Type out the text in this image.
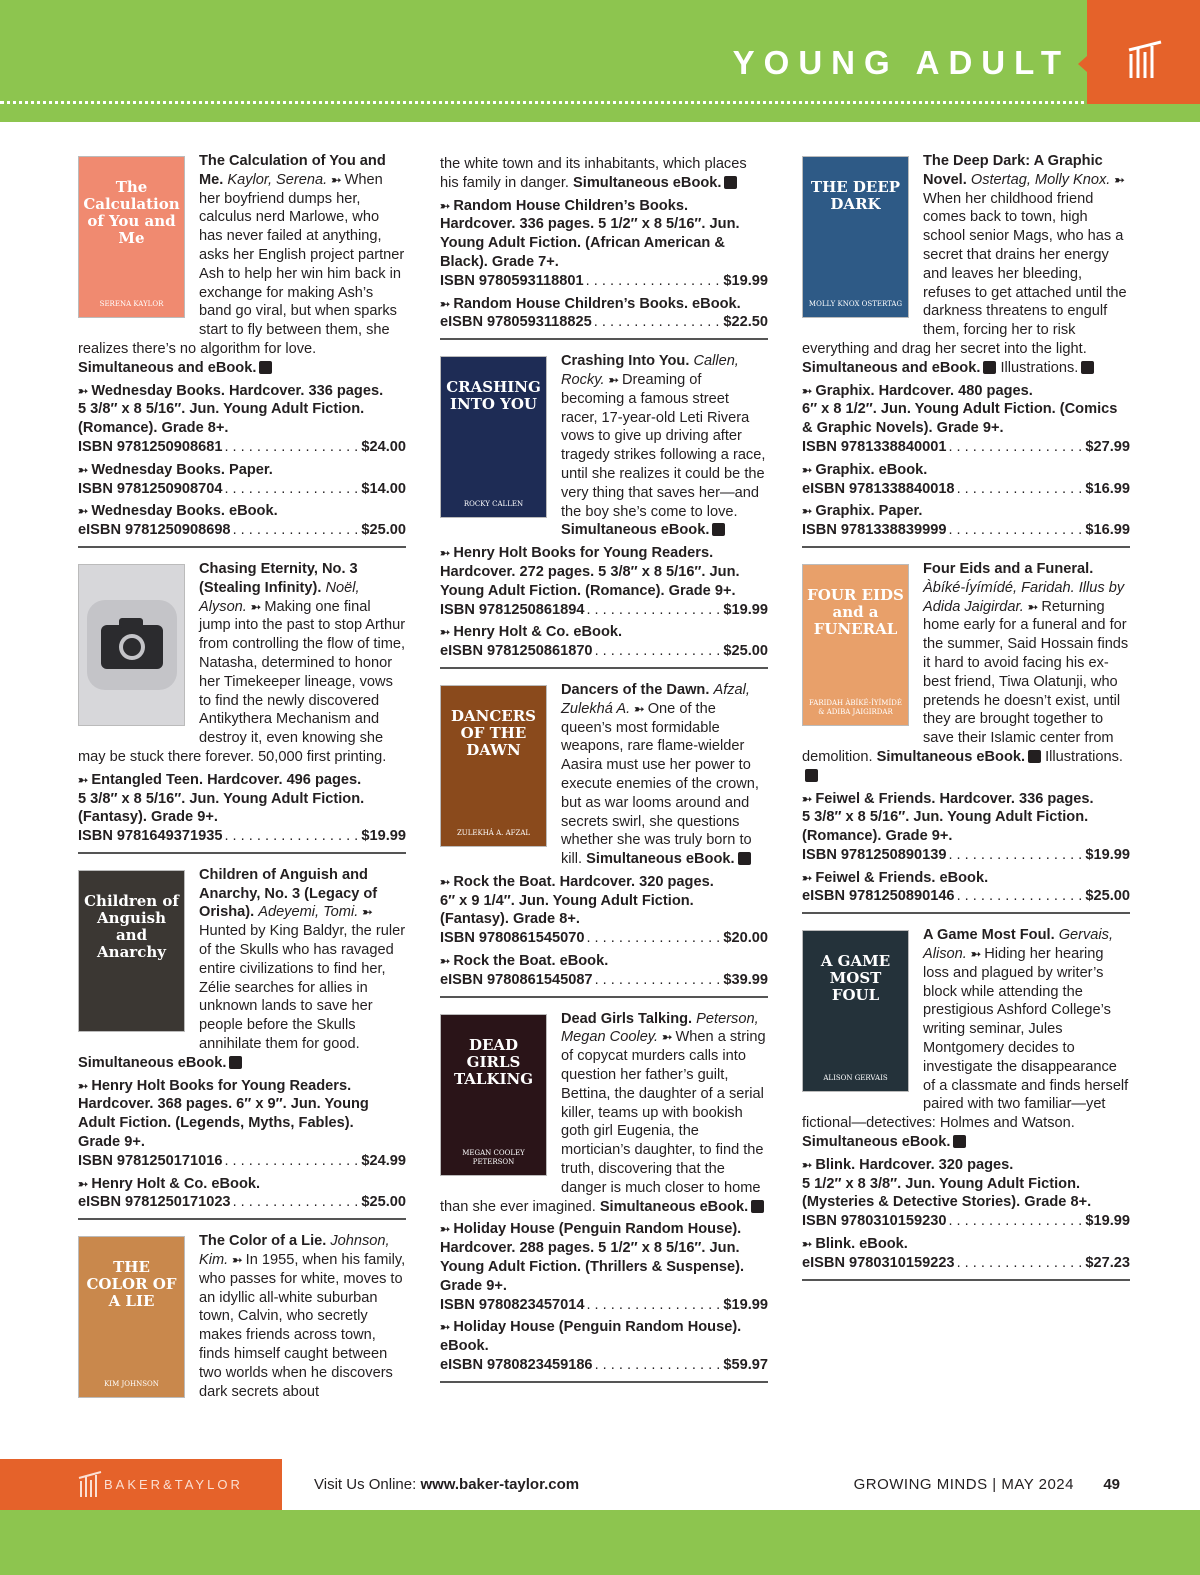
YOUNG ADULT
The Calculation of You and Me
SERENA KAYLOR
The Calculation of You and Me. Kaylor, Serena. ➳ When her boyfriend dumps her, calculus nerd Marlowe, who has never failed at anything, asks her English project partner Ash to help her win him back in exchange for making Ash’s band go viral, but when sparks start to fly between them, she realizes there’s no algorithm for love. Simultaneous and eBook.
➳ Wednesday Books. Hardcover. 336 pages.
5 3/8″ x 8 5/16″. Jun. Young Adult Fiction.
(Romance). Grade 8+.
ISBN 9781250908681 . . .	$24.00
➳ Wednesday Books. Paper.
ISBN 9781250908704 . . .	$14.00
➳ Wednesday Books. eBook.
eISBN 9781250908698 . . .	$25.00
Chasing Eternity, No. 3 (Stealing Infinity). Noël, Alyson. ➳ Making one final jump into the past to stop Arthur from controlling the flow of time, Natasha, determined to honor her Timekeeper lineage, vows to find the newly discovered Antikythera Mechanism and destroy it, even knowing she may be stuck there forever. 50,000 first printing.
➳ Entangled Teen. Hardcover. 496 pages.
5 3/8″ x 8 5/16″. Jun. Young Adult Fiction.
(Fantasy). Grade 9+.
ISBN 9781649371935 . . .	$19.99
Children of Anguish and Anarchy
Children of Anguish and Anarchy, No. 3 (Legacy of Orisha). Adeyemi, Tomi. ➳ Hunted by King Baldyr, the ruler of the Skulls who has ravaged entire civilizations to find her, Zélie searches for allies in unknown lands to save her people before the Skulls annihilate them for good. Simultaneous eBook.
➳ Henry Holt Books for Young Readers.
Hardcover. 368 pages. 6″ x 9″. Jun. Young
Adult Fiction. (Legends, Myths, Fables).
Grade 9+.
ISBN 9781250171016 . . .	$24.99
➳ Henry Holt & Co. eBook.
eISBN 9781250171023 . . .	$25.00
THE COLOR OF A LIE
KIM JOHNSON
The Color of a Lie. Johnson, Kim. ➳ In 1955, when his family, who passes for white, moves to an idyllic all-white suburban town, Calvin, who secretly makes friends across town, finds himself caught between two worlds when he discovers dark secrets about
the white town and its inhabitants, which places his family in danger. Simultaneous eBook.
➳ Random House Children’s Books.
Hardcover. 336 pages. 5 1/2″ x 8 5/16″. Jun.
Young Adult Fiction. (African American &
Black). Grade 7+.
ISBN 9780593118801 . . .	$19.99
➳ Random House Children’s Books. eBook.
eISBN 9780593118825 . . .	$22.50
CRASHING INTO YOU
ROCKY CALLEN
Crashing Into You. Callen, Rocky. ➳ Dreaming of becoming a famous street racer, 17-year-old Leti Rivera vows to give up driving after tragedy strikes following a race, until she realizes it could be the very thing that saves her—and the boy she’s come to love. Simultaneous eBook.
➳ Henry Holt Books for Young Readers.
Hardcover. 272 pages. 5 3/8″ x 8 5/16″. Jun.
Young Adult Fiction. (Romance). Grade 9+.
ISBN 9781250861894 . . .	$19.99
➳ Henry Holt & Co. eBook.
eISBN 9781250861870 . . .	$25.00
DANCERS OF THE DAWN
ZULEKHÁ A. AFZAL
Dancers of the Dawn. Afzal, Zulekhá A. ➳ One of the queen’s most formidable weapons, rare flame-wielder Aasira must use her power to execute enemies of the crown, but as war looms around and secrets swirl, she questions whether she was truly born to kill. Simultaneous eBook.
➳ Rock the Boat. Hardcover. 320 pages.
6″ x 9 1/4″. Jun. Young Adult Fiction.
(Fantasy). Grade 8+.
ISBN 9780861545070 . . .	$20.00
➳ Rock the Boat. eBook.
eISBN 9780861545087 . . .	$39.99
DEAD GIRLS TALKING
MEGAN COOLEY PETERSON
Dead Girls Talking. Peterson, Megan Cooley. ➳ When a string of copycat murders calls into question her father’s guilt, Bettina, the daughter of a serial killer, teams up with bookish goth girl Eugenia, the mortician’s daughter, to find the truth, discovering that the danger is much closer to home than she ever imagined. Simultaneous eBook.
➳ Holiday House (Penguin Random House).
Hardcover. 288 pages. 5 1/2″ x 8 5/16″. Jun.
Young Adult Fiction. (Thrillers & Suspense).
Grade 9+.
ISBN 9780823457014 . . .	$19.99
➳ Holiday House (Penguin Random House).
eBook.
eISBN 9780823459186 . . .	$59.97
THE DEEP DARK
MOLLY KNOX OSTERTAG
The Deep Dark: A Graphic Novel. Ostertag, Molly Knox. ➳ When her childhood friend comes back to town, high school senior Mags, who has a secret that drains her energy and leaves her bleeding, refuses to get attached until the darkness threatens to engulf them, forcing her to risk everything and drag her secret into the light. Simultaneous and eBook. Illustrations.
➳ Graphix. Hardcover. 480 pages.
6″ x 8 1/2″. Jun. Young Adult Fiction. (Comics
& Graphic Novels). Grade 9+.
ISBN 9781338840001 . . .	$27.99
➳ Graphix. eBook.
eISBN 9781338840018 . . .	$16.99
➳ Graphix. Paper.
ISBN 9781338839999 . . .	$16.99
FOUR EIDS and a FUNERAL
FARIDAH ÀBÍKÉ-ÍYÍMÍDÉ & ADIBA JAIGIRDAR
Four Eids and a Funeral. Àbíké-Íyímídé, Faridah. Illus by Adida Jaigirdar. ➳ Returning home early for a funeral and for the summer, Said Hossain finds it hard to avoid facing his ex-best friend, Tiwa Olatunji, who pretends he doesn’t exist, until they are brought together to save their Islamic center from demolition. Simultaneous eBook. Illustrations.
➳ Feiwel & Friends. Hardcover. 336 pages.
5 3/8″ x 8 5/16″. Jun. Young Adult Fiction.
(Romance). Grade 9+.
ISBN 9781250890139 . . .	$19.99
➳ Feiwel & Friends. eBook.
eISBN 9781250890146 . . .	$25.00
A GAME MOST FOUL
ALISON GERVAIS
A Game Most Foul. Gervais, Alison. ➳ Hiding her hearing loss and plagued by writer’s block while attending the prestigious Ashford College’s writing seminar, Jules Montgomery decides to investigate the disappearance of a classmate and finds herself paired with two familiar—yet fictional—detectives: Holmes and Watson. Simultaneous eBook.
➳ Blink. Hardcover. 320 pages.
5 1/2″ x 8 3/8″. Jun. Young Adult Fiction.
(Mysteries & Detective Stories). Grade 8+.
ISBN 9780310159230 . . .	$19.99
➳ Blink. eBook.
eISBN 9780310159223 . . .	$27.23
BAKER&TAYLOR	Visit Us Online: www.baker-taylor.com	GROWING MINDS | MAY 2024 49
